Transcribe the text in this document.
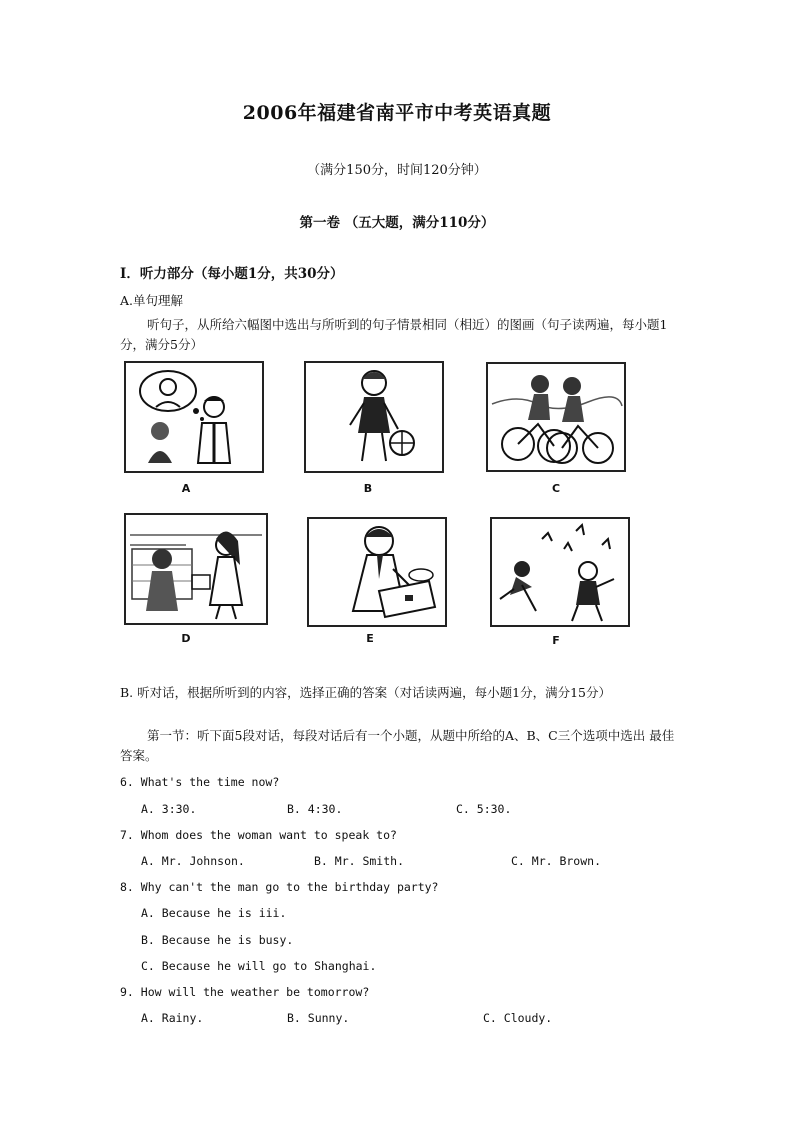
2006年福建省南平市中考英语真题
（满分150分，时间120分钟）
第一卷 （五大题，满分110分）
I．听力部分（每小题1分，共30分）
A.单句理解
听句子，从所给六幅图中选出与所听到的句子情景相同（相近）的图画（句子读两遍，每小题1分，满分5分）
A	B	C
D	E	F
B. 听对话，根据所听到的内容，选择正确的答案（对话读两遍，每小题1分，满分15分）
第一节：听下面5段对话，每段对话后有一个小题，从题中所给的A、B、C三个选项中选出 最佳答案。
6. What's the time now?
A. 3:30.	B. 4:30.	C. 5:30.
7. Whom does the woman want to speak to?
A. Mr. Johnson.	B. Mr. Smith.	C. Mr. Brown.
8. Why can't the man go to the birthday party?
A. Because he is iii.
B. Because he is busy.
C. Because he will go to Shanghai.
9. How will the weather be tomorrow?
A. Rainy.	B. Sunny.	C. Cloudy.
